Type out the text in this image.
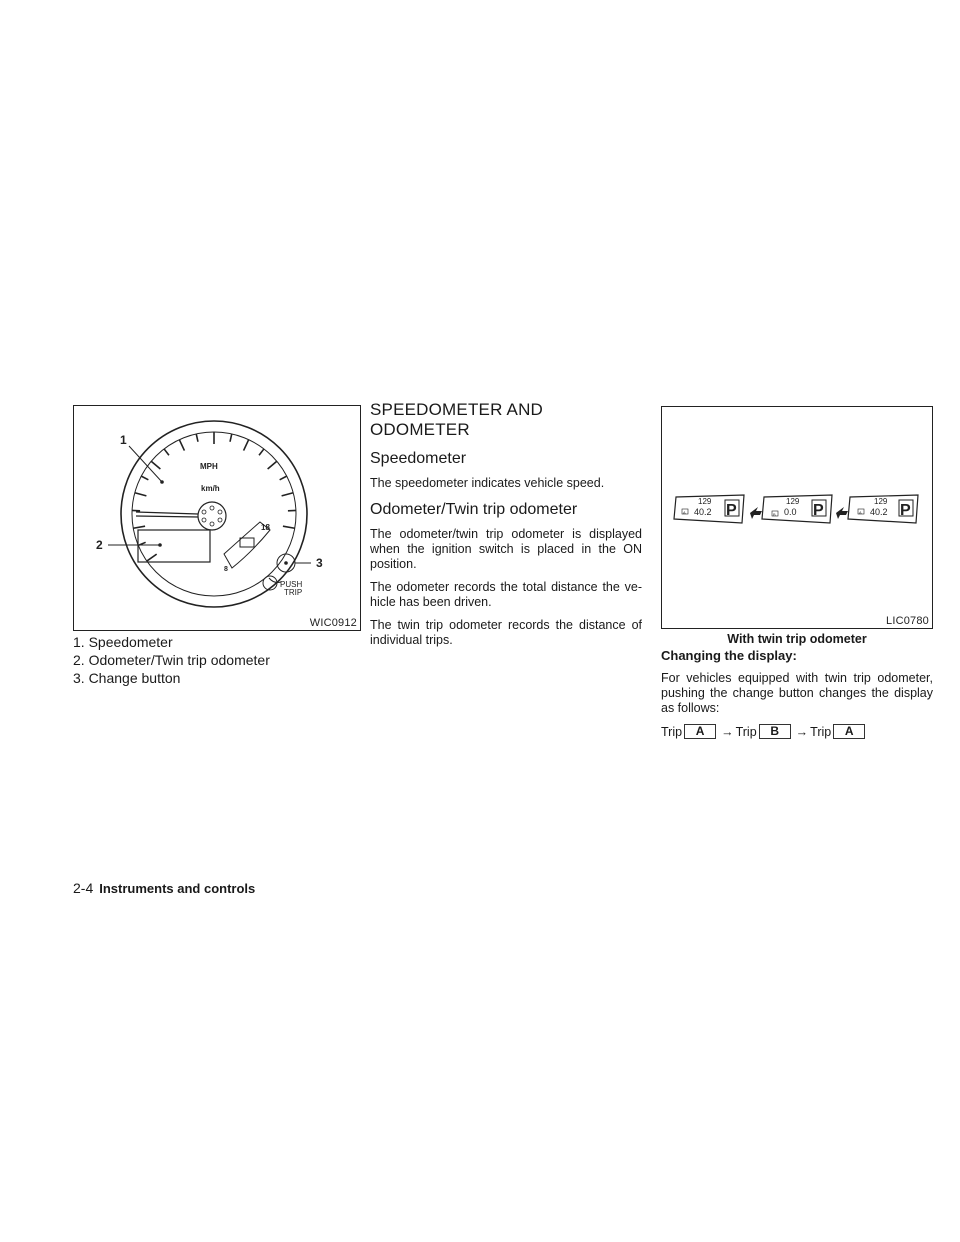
1
2
3
MPH
km/h
18
8
PUSH
TRIP
WIC0912
1. Speedometer
2. Odometer/Twin trip odometer
3. Change button
SPEEDOMETER AND ODOMETER
Speedometer

The speedometer indicates vehicle speed.

Odometer/Twin trip odometer

The odometer/twin trip odometer is displayed when the ignition switch is placed in the ON position.

The odometer records the total distance the ve- hicle has been driven.

The twin trip odometer records the distance of individual trips.

A
129
40.2 P	B
129
0.0 P	A
129
40.2 P
LIC0780
With twin trip odometer
Changing the display:

For vehicles equipped with twin trip odometer, pushing the change button changes the display as follows:

Trip	A	→ Trip	B	→ Trip	A
2-4 Instruments and controls
